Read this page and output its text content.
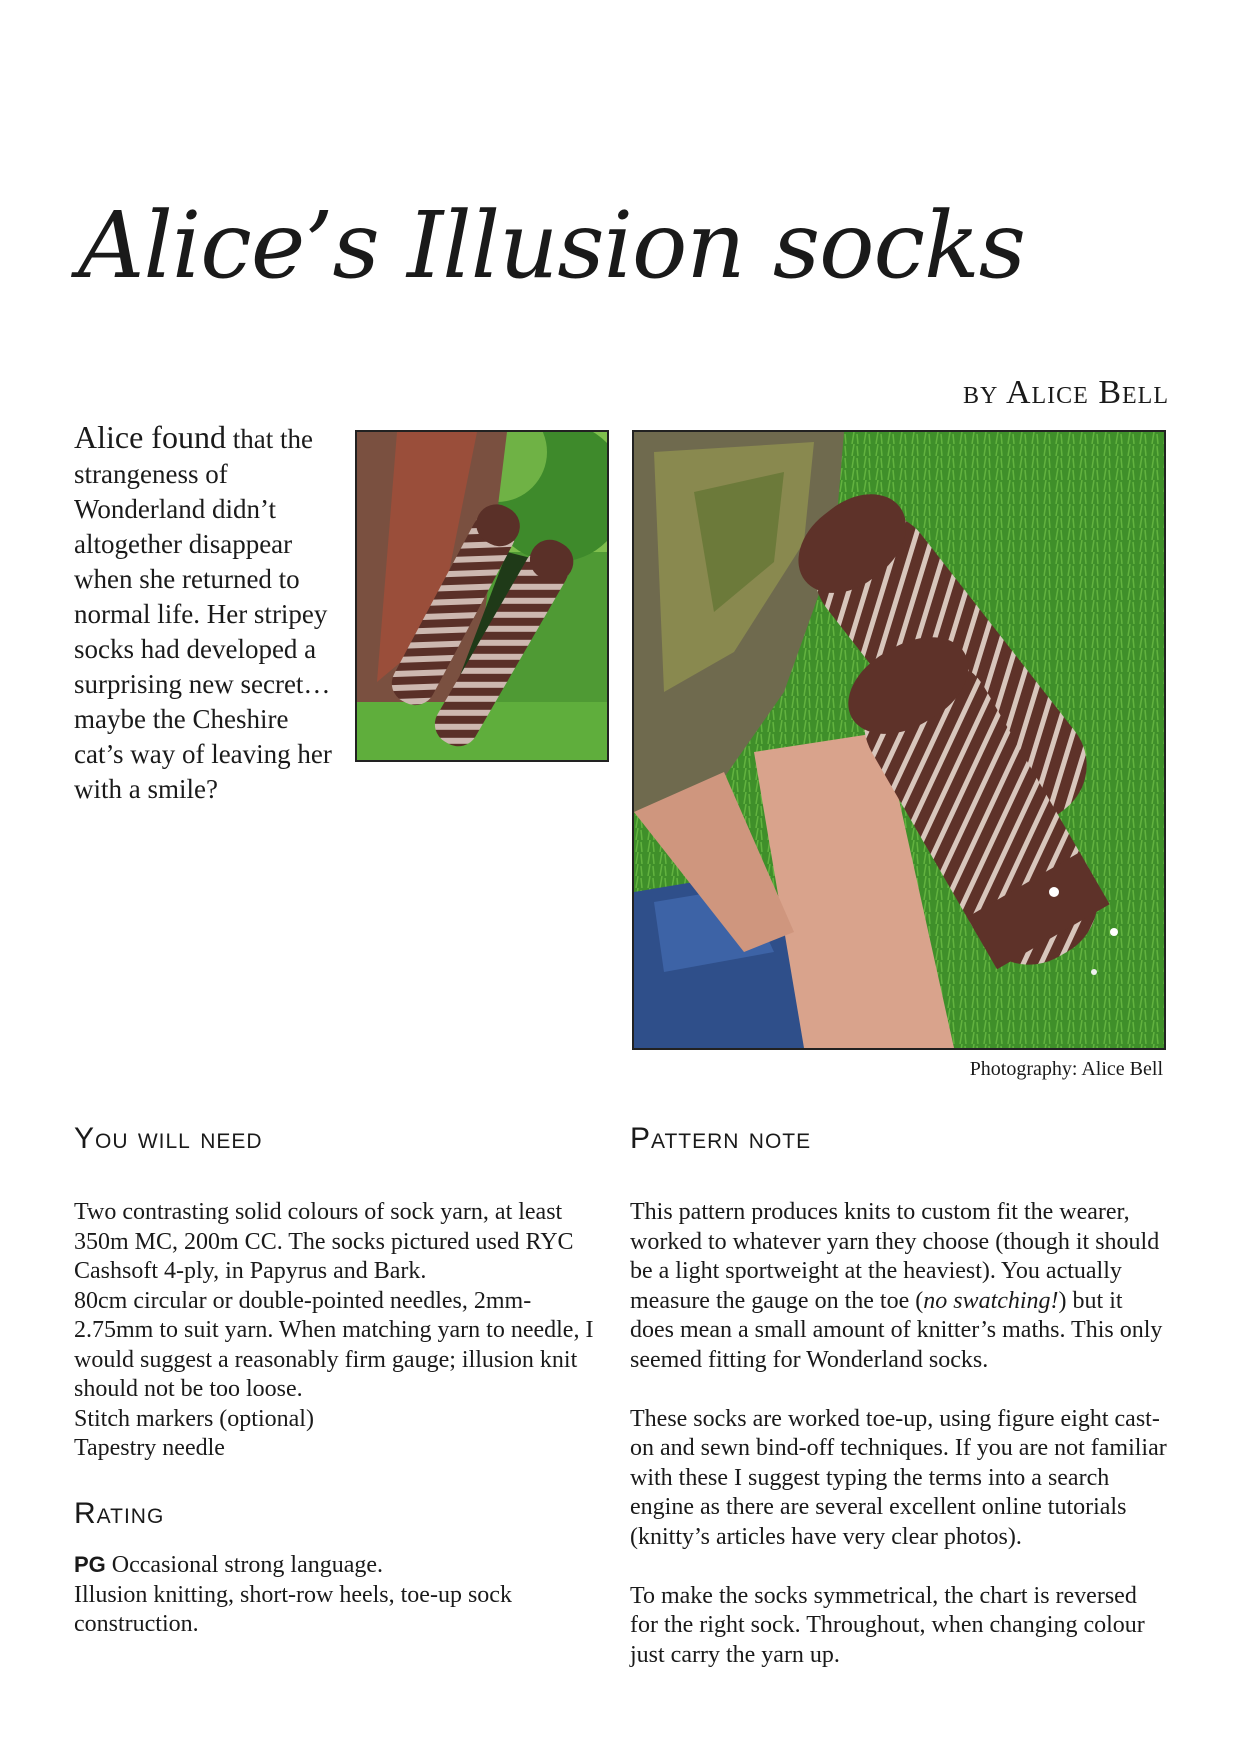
Alice’s Illusion socks
by Alice Bell

Alice found that the strangeness of Wonderland didn’t altogether disappear when she returned to normal life. Her stripey socks had developed a surprising new secret… maybe the Cheshire cat’s way of leaving her with a smile?

Photography: Alice Bell
You will need
Two contrasting solid colours of sock yarn, at least 350m MC, 200m CC. The socks pictured used RYC Cashsoft 4-ply, in Papyrus and Bark.
80cm circular or double-pointed needles, 2mm-2.75mm to suit yarn. When matching yarn to needle, I would suggest a reasonably firm gauge; illusion knit should not be too loose.
Stitch markers (optional)
Tapestry needle
Rating
PG Occasional strong language.
Illusion knitting, short-row heels, toe-up sock construction.
Pattern note

This pattern produces knits to custom fit the wearer, worked to whatever yarn they choose (though it should be a light sportweight at the heaviest). You actually measure the gauge on the toe (no swatching!) but it does mean a small amount of knitter’s maths. This only seemed fitting for Wonderland socks.

These socks are worked toe-up, using figure eight cast-on and sewn bind-off techniques. If you are not familiar with these I suggest typing the terms into a search engine as there are several excellent online tutorials (knitty’s articles have very clear photos).

To make the socks symmetrical, the chart is reversed for the right sock. Throughout, when changing colour just carry the yarn up.
